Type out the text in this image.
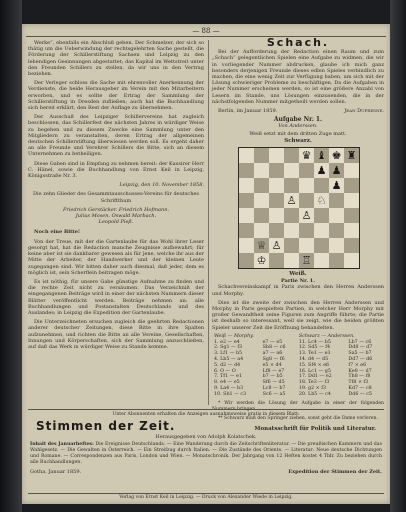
— 88 —

Werke“, ebenfalls ein Abschluß geben. Der Schmelzer, der sich so thätig um die Ueberwindung der rechtsgelehrten Sache gestellt, die Förderung der Schillerstiftung Sachsen und Leipzig zu den lebendigen Gesinnungen abgestattet; das Kapital im Wettstreit unter den Freunden Schillers zu stellen, da wir uns in den Vertrag beziehen.

Der Verleger schloss die Sache mit ehrenvoller Anerkennung der Verdienste, die beide Herausgeber im Verein mit den Mitarbeitern erworben, und es sollte der Ertrag der Sammlung der Schillerstiftung in Dresden zufließen; auch hat die Buchhandlung sich bereit erklärt, den Rest der Auflage zu übernehmen.

Der Ausschuß des Leipziger Schillervereins hat zugleich beschlossen, das Schillerfest des nächsten Jahres in würdiger Weise zu begehen und zu diesem Zwecke eine Sammlung unter den Mitgliedern zu veranstalten, deren Ertrag der allgemeinen deutschen Schillerstiftung überwiesen werden soll. Es ergeht daher an alle Freunde und Verehrer Schillers die Bitte, sich an diesem Unternehmen zu betheiligen.

Diese Gaben sind in Empfang zu nehmen bereit: der Kassirer Herr C. Hänel, sowie die Buchhandlung von Ernst Keil in Leipzig, Königsstraße Nr. 3.

Leipzig, den 10. November 1858.

Die zehn Glieder des Gesammtausschusses-Vereins für deutsches Schriftthum

Friedrich Gerstäcker. Friedrich Hofmann.

Julius Mosen. Oswald Marbach.

Leopold Pieß.

Noch eine Bitte!

Von der Treue, mit der die Gartenlaube für das Wohl ihrer Leser gesorgt hat, hat die Redaction manche Zeugnisse aufbewahrt; für keine aber ist sie dankbarer gewesen als für jene, welche ihr aus der Mitte der Arbeiter, der Handwerker und der kleinen Leute zugegangen sind. Wir bitten daher auch diesmal, daß jeder, dem es möglich ist, sein Scherflein beitragen möge.

Es ist nöthig, für unsere Gabe günstige Aufnahme zu finden und die rechte Zeit nicht zu versäumen. Das Verzeichniß der eingegangenen Beiträge wird in einer der nächsten Nummern dieser Blätter veröffentlicht werden. Beiträge nehmen an: alle Buchhandlungen und Postanstalten Deutschlands und des Auslandes; in Leipzig die Expedition der Gartenlaube.

Die Unterzeichneten ersuchen zugleich die geehrten Redactionen anderer deutscher Zeitungen, diese Bitte in ihre Spalten aufzunehmen, und richten die Bitte an alle Vereine, Gesellschaften, Innungen und Körperschaften, sich der Sammlung anzuschließen, auf daß das Werk in würdiger Weise zu Stande komme.

Schach.

Bei der Aufforderung der Redaction einen Raum und zum „Schach“ gelegentlichen Spielen eine Aufgabe zu widmen, die wir in vorliegender Nummer abdrucken, glaube ich mich ganz besonders derjenigen Freunde dieses edlen Spieles verbindlich zu machen, die eine wenig Zeit zur Verfügung haben, um sich mit der Lösung schwieriger Probleme zu beschäftigen. Da die Aufgaben in jeder Nummer erscheinen werden, so ist eine größere Anzahl von Lesern im Stande, uns Lösungen einzusenden, die in der nächstfolgenden Nummer mitgetheilt werden sollen.

Berlin, im Januar 1859.	Jean Dufresne.

Aufgabe Nr. 1.

Von Anderssen.

Weiß setzt mit dem dritten Zuge matt.

Schwarz.
♛ ♝ ♚ ♜
♟ ♟
♟
♙ ♘
♙
♕ ♙
♔	♖
Weiß.

Partie Nr. 1.

Schachvereinskampf in Paris zwischen den Herren Anderssen und Morphy.

Dies ist die zweite der zwischen den Herren Anderssen und Morphy in Paris gespielten Partien, in welcher Herr Morphy mit großer Gewandtheit seine Figuren zum Angriffe führte; die Partie ist deshalb so interessant, weil sie zeigt, wie die beiden größten Spieler unserer Zeit die Eröffnung behandelten.

Weiß — Morphy.		Schwarz — Anderssen.	
1. e2 — e4	e7 — e5	11. Lc4 — b5	Lb7 — c6
2. Sg1 — f3	Sb8 — c6	12. Sd5 — f4	Dd8 — d7
3. Lf1 — b5	a7 — a6	13. Te1 — e3	Sa5 — b7
4. Lb5 — a4	Sg8 — f6	14. d4 — d5	Dd7 — d6
5. d2 — d4	e5 × d4	15. Sf4 × e6	f7 × e6
6. O — O	Lf8 — e7	16. Lc1 — g5	Ke8 — d7
7. Tf1 — e1	b7 — b5	17. Dd1 — e2	Th8 — f8
8. e4 — e5	Sf6 — d5	18. Te3 — f3	Tf8 × f3
9. La4 — b3	Lc8 — b7	19. g2 × f3	Kd7 — c8
10. Sb1 — c3	Sc6 — a5	20. Lb5 — c4	Dd6 — c5

* Wir werden die Lösung der Aufgabe in einer der folgenden Nummern bringen.

** Schwarz muß den Springer ziehen, sonst geht die Dame verloren.

Unter Abonnenten erhalten die Anzeigen ausnahmsweise gratis in diesem Blatt:
Stimmen der Zeit.	Monatsschrift für Politik und Literatur.
Herausgegeben von Adolph Kolatschek.
Inhalt des Januarheftes: Die Ereignisse Deutschlands. — Eine Wanderung durch die Zeitschriftenliteratur. — Die preußischen Kammern und das Wahlgesetz. — Die Gewalten in Österreich. — Ein Streifzug durch Italien. — Die Zustände des Orients. — Literatur: Neue deutsche Dichtungen und Romane. — Correspondenzen aus Paris, London und Wien. — Monatschronik. Der Jahrgang von 12 Heften kostet 4 Thlr. Zu beziehen durch alle Buchhandlungen.
Gotha, Januar 1859.	Expedition der Stimmen der Zeit.
Verlag von Ernst Keil in Leipzig. — Druck von Alexander Wiede in Leipzig.
